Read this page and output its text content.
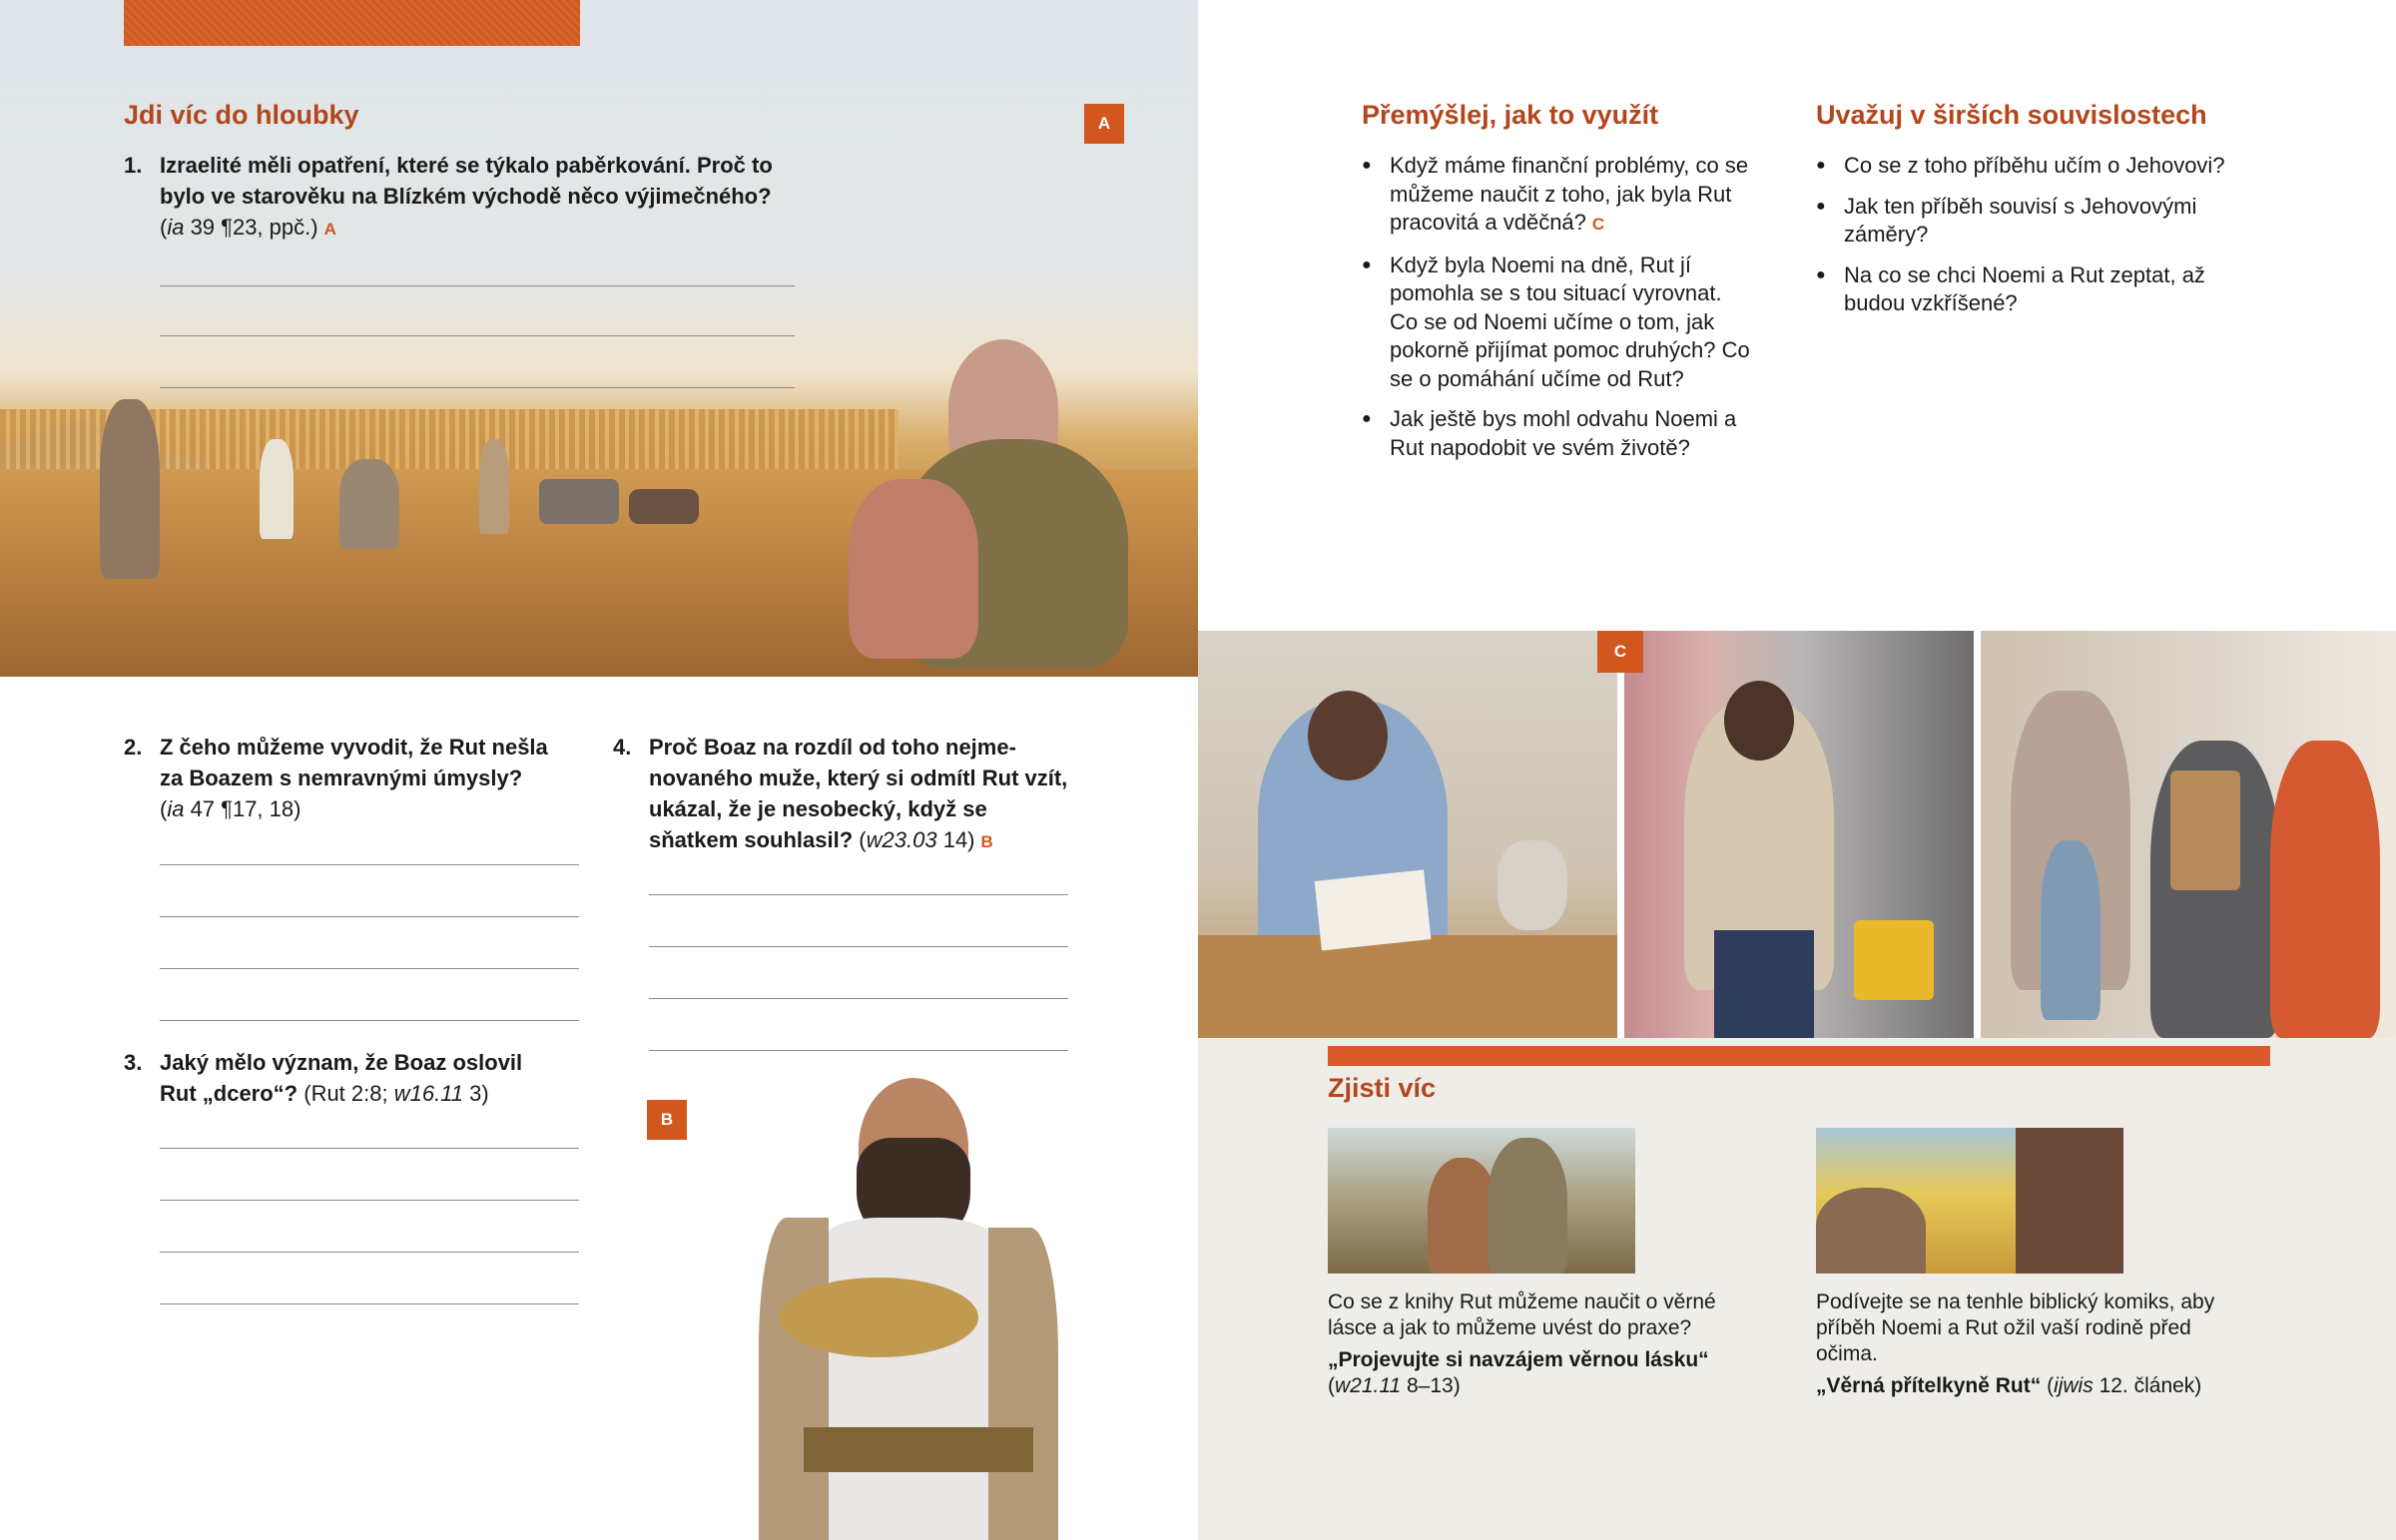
Jdi víc do hloubky	A
1. Izraelité měli opatření, které se týkalo paběrkování. Proč to bylo ve starověku na Blízkém východě něco výjimečného?
(ia 39 ¶23, ppč.) A
2. Z čeho můžeme vyvodit, že Rut nešla za Boazem s nemravnými úmysly?
(ia 47 ¶17, 18)
3. Jaký mělo význam, že Boaz oslovil Rut „dcero“? (Rut 2:8; w16.11 3)
4. Proč Boaz na rozdíl od toho nejmenovaného muže, který si odmítl Rut vzít, ukázal, že je nesobecký, když se sňatkem souhlasil? (w23.03 14) B
B
Přemýšlej, jak to využít
● Když máme finanční problémy, co se můžeme naučit z toho, jak byla Rut pracovitá a vděčná? C
● Když byla Noemi na dně, Rut jí pomohla se s tou situací vyrovnat. Co se od Noemi učíme o tom, jak pokorně přijímat pomoc druhých? Co se o pomáhání učíme od Rut?
● Jak ještě bys mohl odvahu Noemi a Rut napodobit ve svém životě?
Uvažuj v širších souvislostech
● Co se z toho příběhu učím o Jehovovi?
● Jak ten příběh souvisí s Jehovovými záměry?
● Na co se chci Noemi a Rut zeptat, až budou vzkříšené?
C
Zjisti víc
Co se z knihy Rut můžeme naučit o věrné lásce a jak to můžeme uvést do praxe?
„Projevujte si navzájem věrnou lásku“
(w21.11 8–13)
Podívejte se na tenhle biblický komiks, aby příběh Noemi a Rut ožil vaší rodině před očima.
„Věrná přítelkyně Rut“ (ijwis 12. článek)
